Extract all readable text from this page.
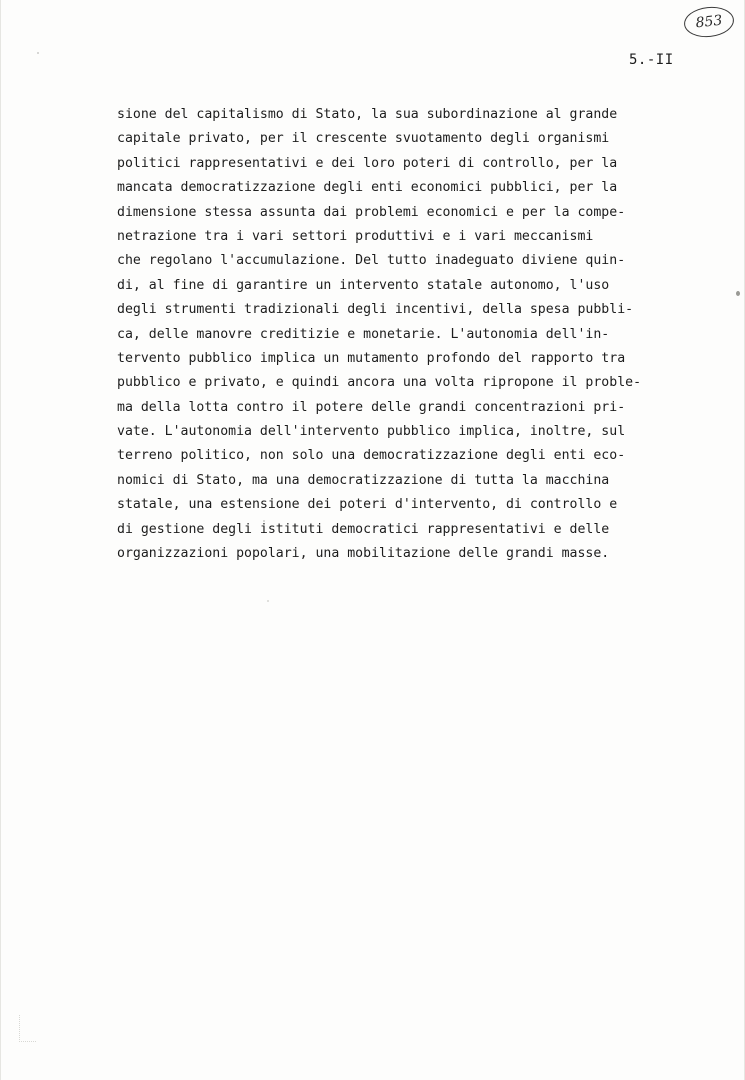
853
5.-II
sione del capitalismo di Stato, la sua subordinazione al grande
capitale privato, per il crescente svuotamento degli organismi
politici rappresentativi e dei loro poteri di controllo, per la
mancata democratizzazione degli enti economici pubblici, per la
dimensione stessa assunta dai problemi economici e per la compe-
netrazione tra i vari settori produttivi e i vari meccanismi
che regolano l'accumulazione. Del tutto inadeguato diviene quin-
di, al fine di garantire un intervento statale autonomo, l'uso
degli strumenti tradizionali degli incentivi, della spesa pubbli-
ca, delle manovre creditizie e monetarie. L'autonomia dell'in-
tervento pubblico implica un mutamento profondo del rapporto tra
pubblico e privato, e quindi ancora una volta ripropone il proble-
ma della lotta contro il potere delle grandi concentrazioni pri-
vate. L'autonomia dell'intervento pubblico implica, inoltre, sul
terreno politico, non solo una democratizzazione degli enti eco-
nomici di Stato, ma una democratizzazione di tutta la macchina
statale, una estensione dei poteri d'intervento, di controllo e
di gestione degli istituti democratici rappresentativi e delle
organizzazioni popolari, una mobilitazione delle grandi masse.
